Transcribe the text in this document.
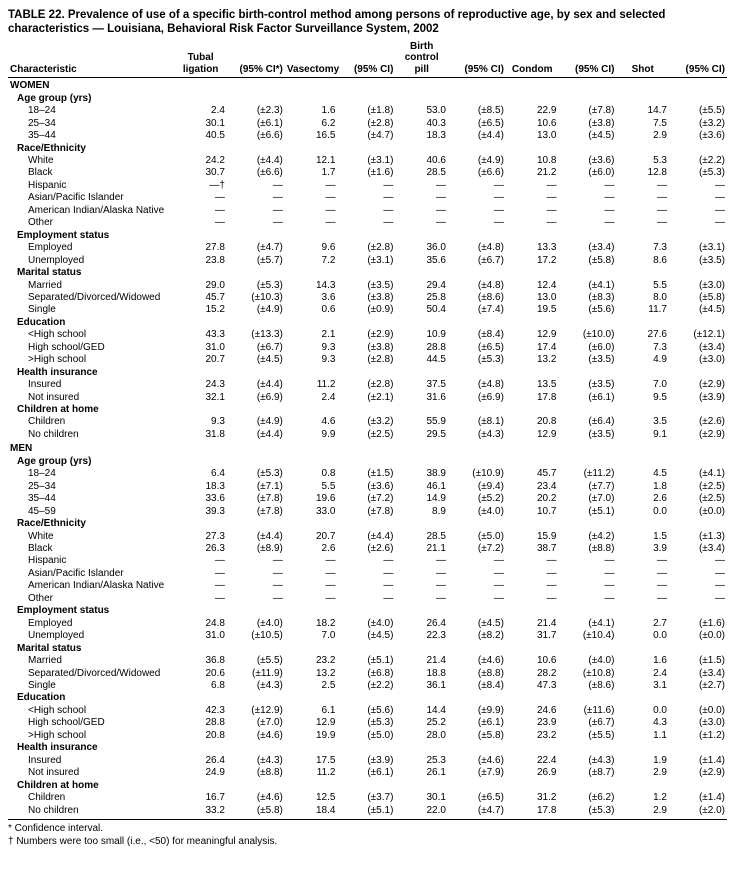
TABLE 22. Prevalence of use of a specific birth-control method among persons of reproductive age, by sex and selected characteristics — Louisiana, Behavioral Risk Factor Surveillance System, 2002
Characteristic	Tubal
ligation	(95% CI*)	Vasectomy	(95% CI)	Birth
control
pill	(95% CI)	Condom	(95% CI)	Shot	(95% CI)
WOMEN										
Age group (yrs)										
18–24	2.4	(±2.3)	1.6	(±1.8)	53.0	(±8.5)	22.9	(±7.8)	14.7	(±5.5)
25–34	30.1	(±6.1)	6.2	(±2.8)	40.3	(±6.5)	10.6	(±3.8)	7.5	(±3.2)
35–44	40.5	(±6.6)	16.5	(±4.7)	18.3	(±4.4)	13.0	(±4.5)	2.9	(±3.6)
Race/Ethnicity										
White	24.2	(±4.4)	12.1	(±3.1)	40.6	(±4.9)	10.8	(±3.6)	5.3	(±2.2)
Black	30.7	(±6.6)	1.7	(±1.6)	28.5	(±6.6)	21.2	(±6.0)	12.8	(±5.3)
Hispanic	—†	—	—	—	—	—	—	—	—	—
Asian/Pacific Islander	—	—	—	—	—	—	—	—	—	—
American Indian/Alaska Native	—	—	—	—	—	—	—	—	—	—
Other	—	—	—	—	—	—	—	—	—	—
Employment status										
Employed	27.8	(±4.7)	9.6	(±2.8)	36.0	(±4.8)	13.3	(±3.4)	7.3	(±3.1)
Unemployed	23.8	(±5.7)	7.2	(±3.1)	35.6	(±6.7)	17.2	(±5.8)	8.6	(±3.5)
Marital status										
Married	29.0	(±5.3)	14.3	(±3.5)	29.4	(±4.8)	12.4	(±4.1)	5.5	(±3.0)
Separated/Divorced/Widowed	45.7	(±10.3)	3.6	(±3.8)	25.8	(±8.6)	13.0	(±8.3)	8.0	(±5.8)
Single	15.2	(±4.9)	0.6	(±0.9)	50.4	(±7.4)	19.5	(±5.6)	11.7	(±4.5)
Education										
<High school	43.3	(±13.3)	2.1	(±2.9)	10.9	(±8.4)	12.9	(±10.0)	27.6	(±12.1)
High school/GED	31.0	(±6.7)	9.3	(±3.8)	28.8	(±6.5)	17.4	(±6.0)	7.3	(±3.4)
>High school	20.7	(±4.5)	9.3	(±2.8)	44.5	(±5.3)	13.2	(±3.5)	4.9	(±3.0)
Health insurance										
Insured	24.3	(±4.4)	11.2	(±2.8)	37.5	(±4.8)	13.5	(±3.5)	7.0	(±2.9)
Not insured	32.1	(±6.9)	2.4	(±2.1)	31.6	(±6.9)	17.8	(±6.1)	9.5	(±3.9)
Children at home										
Children	9.3	(±4.9)	4.6	(±3.2)	55.9	(±8.1)	20.8	(±6.4)	3.5	(±2.6)
No children	31.8	(±4.4)	9.9	(±2.5)	29.5	(±4.3)	12.9	(±3.5)	9.1	(±2.9)
MEN										
Age group (yrs)										
18–24	6.4	(±5.3)	0.8	(±1.5)	38.9	(±10.9)	45.7	(±11.2)	4.5	(±4.1)
25–34	18.3	(±7.1)	5.5	(±3.6)	46.1	(±9.4)	23.4	(±7.7)	1.8	(±2.5)
35–44	33.6	(±7.8)	19.6	(±7.2)	14.9	(±5.2)	20.2	(±7.0)	2.6	(±2.5)
45–59	39.3	(±7.8)	33.0	(±7.8)	8.9	(±4.0)	10.7	(±5.1)	0.0	(±0.0)
Race/Ethnicity										
White	27.3	(±4.4)	20.7	(±4.4)	28.5	(±5.0)	15.9	(±4.2)	1.5	(±1.3)
Black	26.3	(±8.9)	2.6	(±2.6)	21.1	(±7.2)	38.7	(±8.8)	3.9	(±3.4)
Hispanic	—	—	—	—	—	—	—	—	—	—
Asian/Pacific Islander	—	—	—	—	—	—	—	—	—	—
American Indian/Alaska Native	—	—	—	—	—	—	—	—	—	—
Other	—	—	—	—	—	—	—	—	—	—
Employment status										
Employed	24.8	(±4.0)	18.2	(±4.0)	26.4	(±4.5)	21.4	(±4.1)	2.7	(±1.6)
Unemployed	31.0	(±10.5)	7.0	(±4.5)	22.3	(±8.2)	31.7	(±10.4)	0.0	(±0.0)
Marital status										
Married	36.8	(±5.5)	23.2	(±5.1)	21.4	(±4.6)	10.6	(±4.0)	1.6	(±1.5)
Separated/Divorced/Widowed	20.6	(±11.9)	13.2	(±6.8)	18.8	(±8.8)	28.2	(±10.8)	2.4	(±3.4)
Single	6.8	(±4.3)	2.5	(±2.2)	36.1	(±8.4)	47.3	(±8.6)	3.1	(±2.7)
Education										
<High school	42.3	(±12.9)	6.1	(±5.6)	14.4	(±9.9)	24.6	(±11.6)	0.0	(±0.0)
High school/GED	28.8	(±7.0)	12.9	(±5.3)	25.2	(±6.1)	23.9	(±6.7)	4.3	(±3.0)
>High school	20.8	(±4.6)	19.9	(±5.0)	28.0	(±5.8)	23.2	(±5.5)	1.1	(±1.2)
Health insurance										
Insured	26.4	(±4.3)	17.5	(±3.9)	25.3	(±4.6)	22.4	(±4.3)	1.9	(±1.4)
Not insured	24.9	(±8.8)	11.2	(±6.1)	26.1	(±7.9)	26.9	(±8.7)	2.9	(±2.9)
Children at home										
Children	16.7	(±4.6)	12.5	(±3.7)	30.1	(±6.5)	31.2	(±6.2)	1.2	(±1.4)
No children	33.2	(±5.8)	18.4	(±5.1)	22.0	(±4.7)	17.8	(±5.3)	2.9	(±2.0)
* Confidence interval.
† Numbers were too small (i.e., <50) for meaningful analysis.
